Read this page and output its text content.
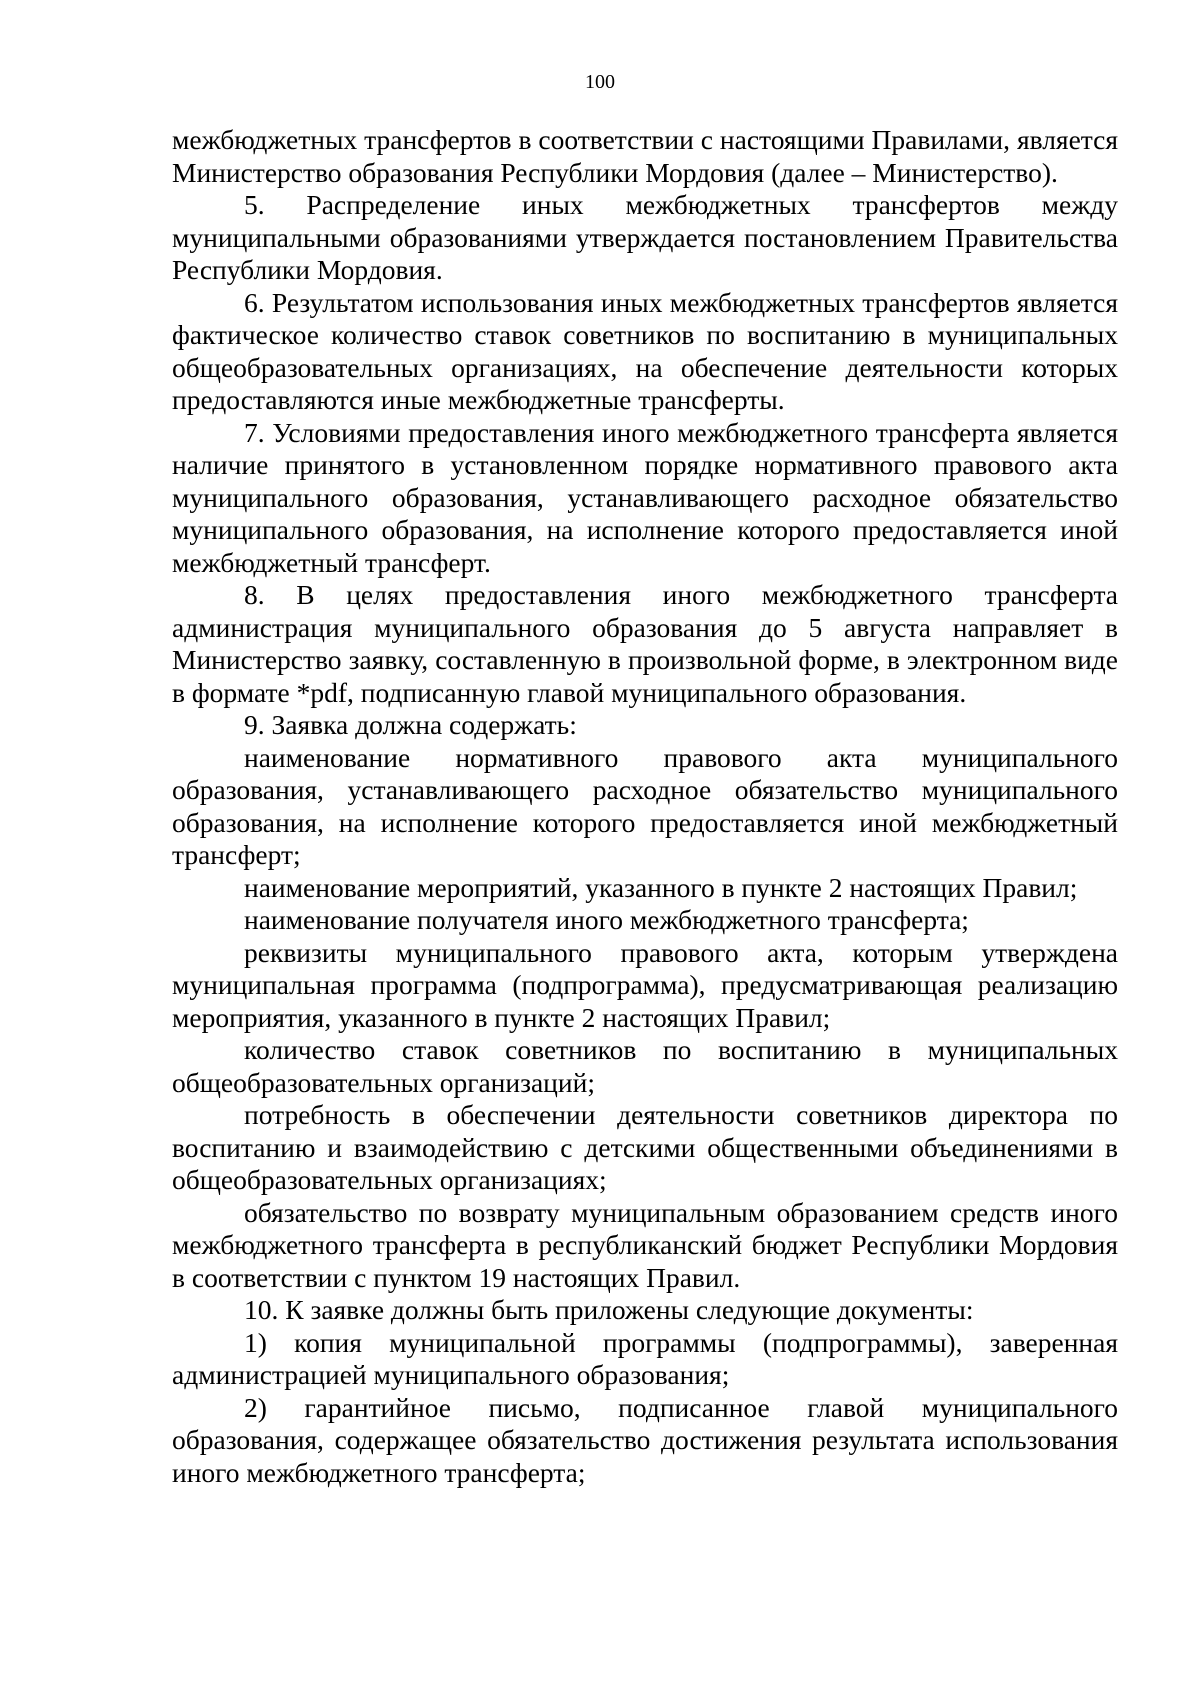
100

межбюджетных трансфертов в соответствии с настоящими Правилами, является Министерство образования Республики Мордовия (далее – Министерство).

5. Распределение иных межбюджетных трансфертов между муниципальными образованиями утверждается постановлением Правительства Республики Мордовия.

6. Результатом использования иных межбюджетных трансфертов является фактическое количество ставок советников по воспитанию в муниципальных общеобразовательных организациях, на обеспечение деятельности которых предоставляются иные межбюджетные трансферты.

7. Условиями предоставления иного межбюджетного трансферта является наличие принятого в установленном порядке нормативного правового акта муниципального образования, устанавливающего расходное обязательство муниципального образования, на исполнение которого предоставляется иной межбюджетный трансферт.

8. В целях предоставления иного межбюджетного трансферта администрация муниципального образования до 5 августа направляет в Министерство заявку, составленную в произвольной форме, в электронном виде в формате *pdf, подписанную главой муниципального образования.

9. Заявка должна содержать:

наименование нормативного правового акта муниципального образования, устанавливающего расходное обязательство муниципального образования, на исполнение которого предоставляется иной межбюджетный трансферт;

наименование мероприятий, указанного в пункте 2 настоящих Правил;

наименование получателя иного межбюджетного трансферта;

реквизиты муниципального правового акта, которым утверждена муниципальная программа (подпрограмма), предусматривающая реализацию мероприятия, указанного в пункте 2 настоящих Правил;

количество ставок советников по воспитанию в муниципальных общеобразовательных организаций;

потребность в обеспечении деятельности советников директора по воспитанию и взаимодействию с детскими общественными объединениями в общеобразовательных организациях;

обязательство по возврату муниципальным образованием средств иного межбюджетного трансферта в республиканский бюджет Республики Мордовия в соответствии с пунктом 19 настоящих Правил.

10. К заявке должны быть приложены следующие документы:

1) копия муниципальной программы (подпрограммы), заверенная администрацией муниципального образования;

2) гарантийное письмо, подписанное главой муниципального образования, содержащее обязательство достижения результата использования иного межбюджетного трансферта;
